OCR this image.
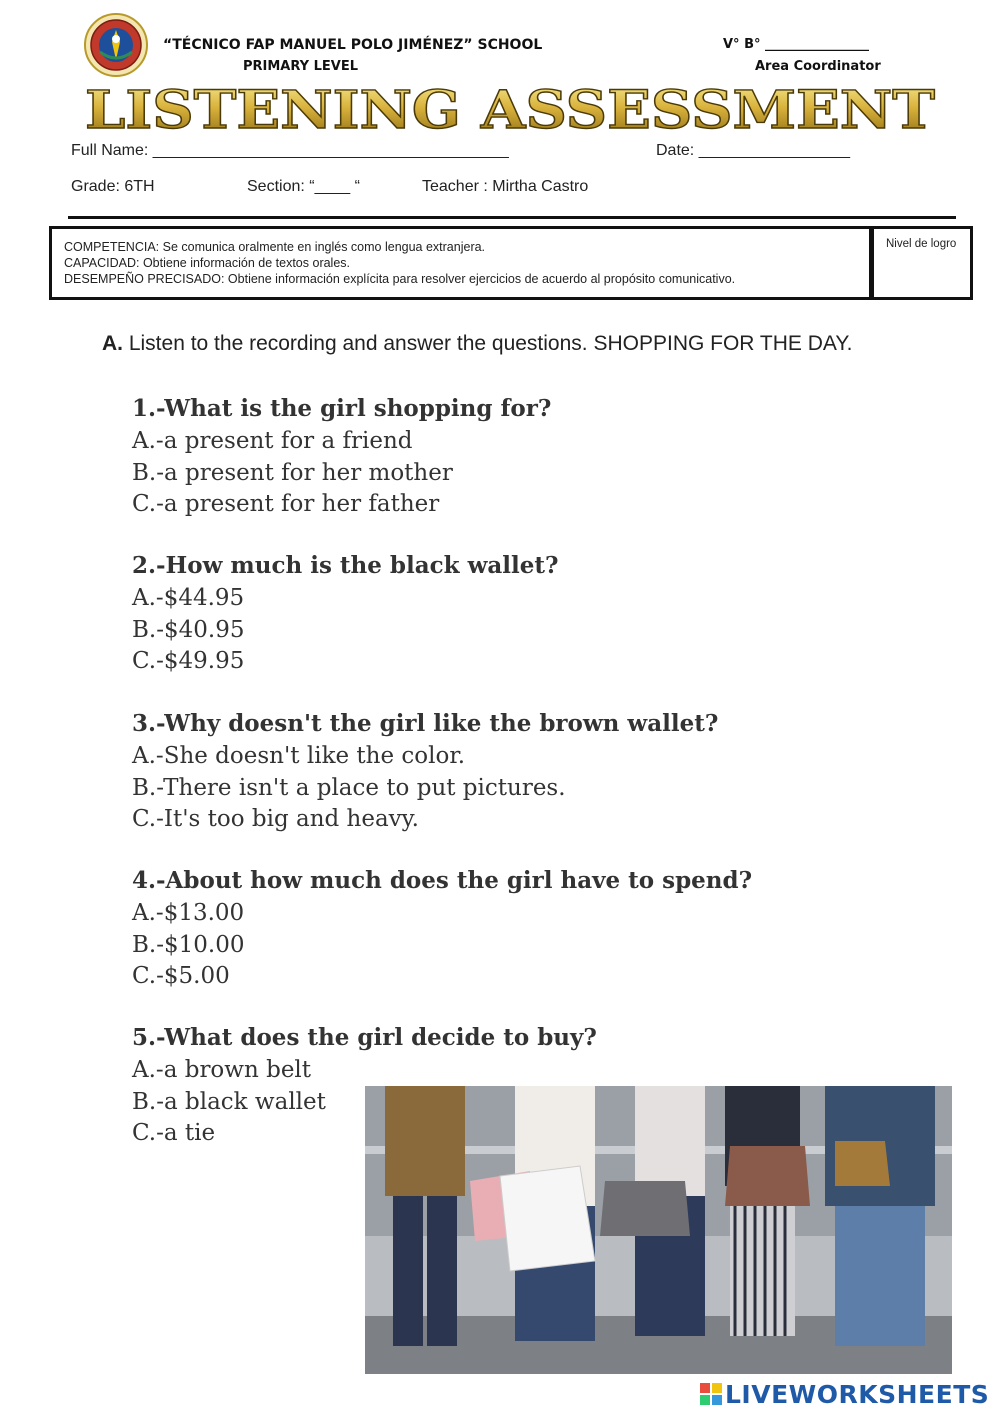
“TÉCNICO FAP MANUEL POLO JIMÉNEZ” SCHOOL
PRIMARY LEVEL
V° B° ________________
Area Coordinator
LISTENING ASSESSMENT
Full Name: ________________________________________	Date: _________________
Grade: 6TH	Section: “____ “	Teacher : Mirtha Castro
COMPETENCIA: Se comunica oralmente en inglés como lengua extranjera.
CAPACIDAD: Obtiene información de textos orales.
DESEMPEÑO PRECISADO: Obtiene información explícita para resolver ejercicios de acuerdo al propósito comunicativo.
Nivel de logro
A. Listen to the recording and answer the questions. SHOPPING FOR THE DAY.
1.-What is the girl shopping for?
A.-a present for a friend
B.-a present for her mother
C.-a present for her father
2.-How much is the black wallet?
A.-$44.95
B.-$40.95
C.-$49.95
3.-Why doesn't the girl like the brown wallet?
A.-She doesn't like the color.
B.-There isn't a place to put pictures.
C.-It's too big and heavy.
4.-About how much does the girl have to spend?
A.-$13.00
B.-$10.00
C.-$5.00
5.-What does the girl decide to buy?
A.-a brown belt
B.-a black wallet
C.-a tie
LIVEWORKSHEETS
